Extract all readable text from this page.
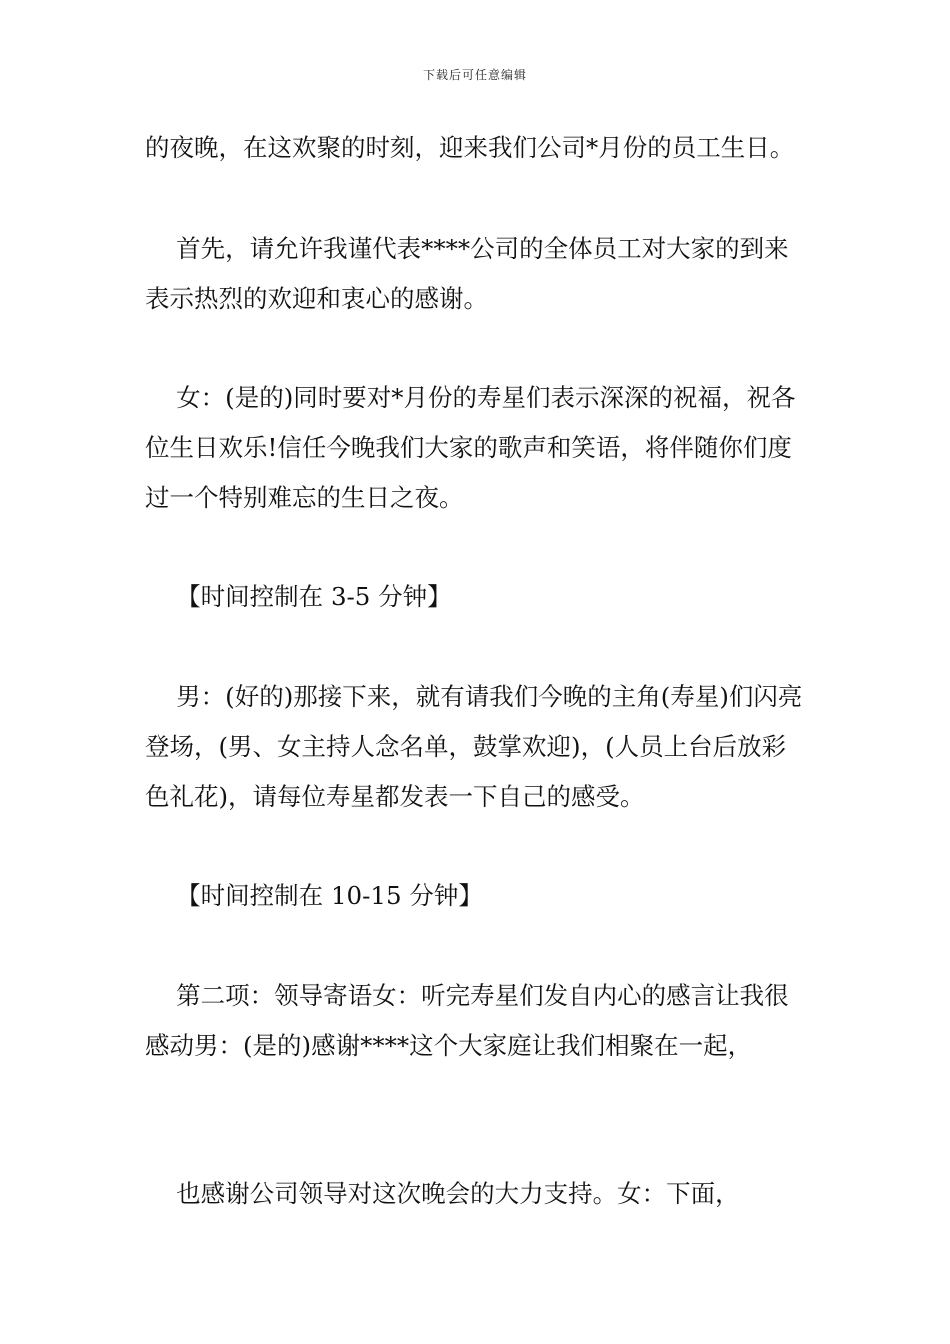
下载后可任意编辑

的夜晚，在这欢聚的时刻，迎来我们公司*月份的员工生日。

首先，请允许我谨代表****公司的全体员工对大家的到来表示热烈的欢迎和衷心的感谢。

女：(是的)同时要对*月份的寿星们表示深深的祝福，祝各位生日欢乐!信任今晚我们大家的歌声和笑语，将伴随你们度过一个特别难忘的生日之夜。

【时间控制在 3-5 分钟】

男：(好的)那接下来，就有请我们今晚的主角(寿星)们闪亮登场，(男、女主持人念名单，鼓掌欢迎)，(人员上台后放彩色礼花)，请每位寿星都发表一下自己的感受。

【时间控制在 10-15 分钟】

第二项：领导寄语女：听完寿星们发自内心的感言让我很感动男：(是的)感谢****这个大家庭让我们相聚在一起，

也感谢公司领导对这次晚会的大力支持。女：下面，
